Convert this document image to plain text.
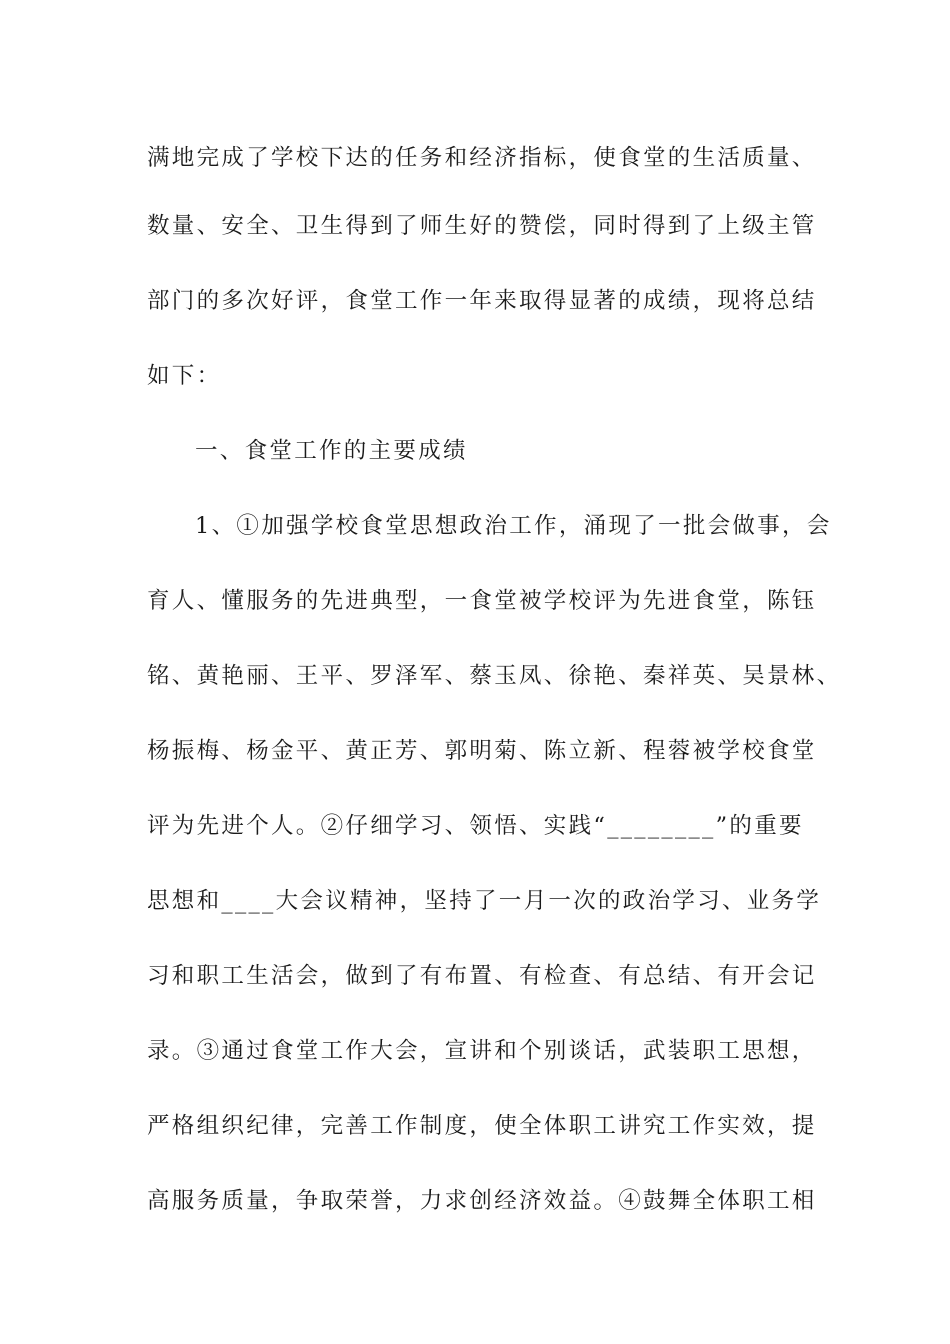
满地完成了学校下达的任务和经济指标，使食堂的生活质量、
数量、安全、卫生得到了师生好的赞偿，同时得到了上级主管
部门的多次好评，食堂工作一年来取得显著的成绩，现将总结
如下：
一、食堂工作的主要成绩
1、①加强学校食堂思想政治工作，涌现了一批会做事，会
育人、懂服务的先进典型，一食堂被学校评为先进食堂，陈钰
铭、黄艳丽、王平、罗泽军、蔡玉凤、徐艳、秦祥英、吴景林、
杨振梅、杨金平、黄正芳、郭明菊、陈立新、程蓉被学校食堂
评为先进个人。②仔细学习、领悟、实践“________”的重要
思想和____大会议精神，坚持了一月一次的政治学习、业务学
习和职工生活会，做到了有布置、有检查、有总结、有开会记
录。③通过食堂工作大会，宣讲和个别谈话，武装职工思想，
严格组织纪律，完善工作制度，使全体职工讲究工作实效，提
高服务质量，争取荣誉，力求创经济效益。④鼓舞全体职工相
